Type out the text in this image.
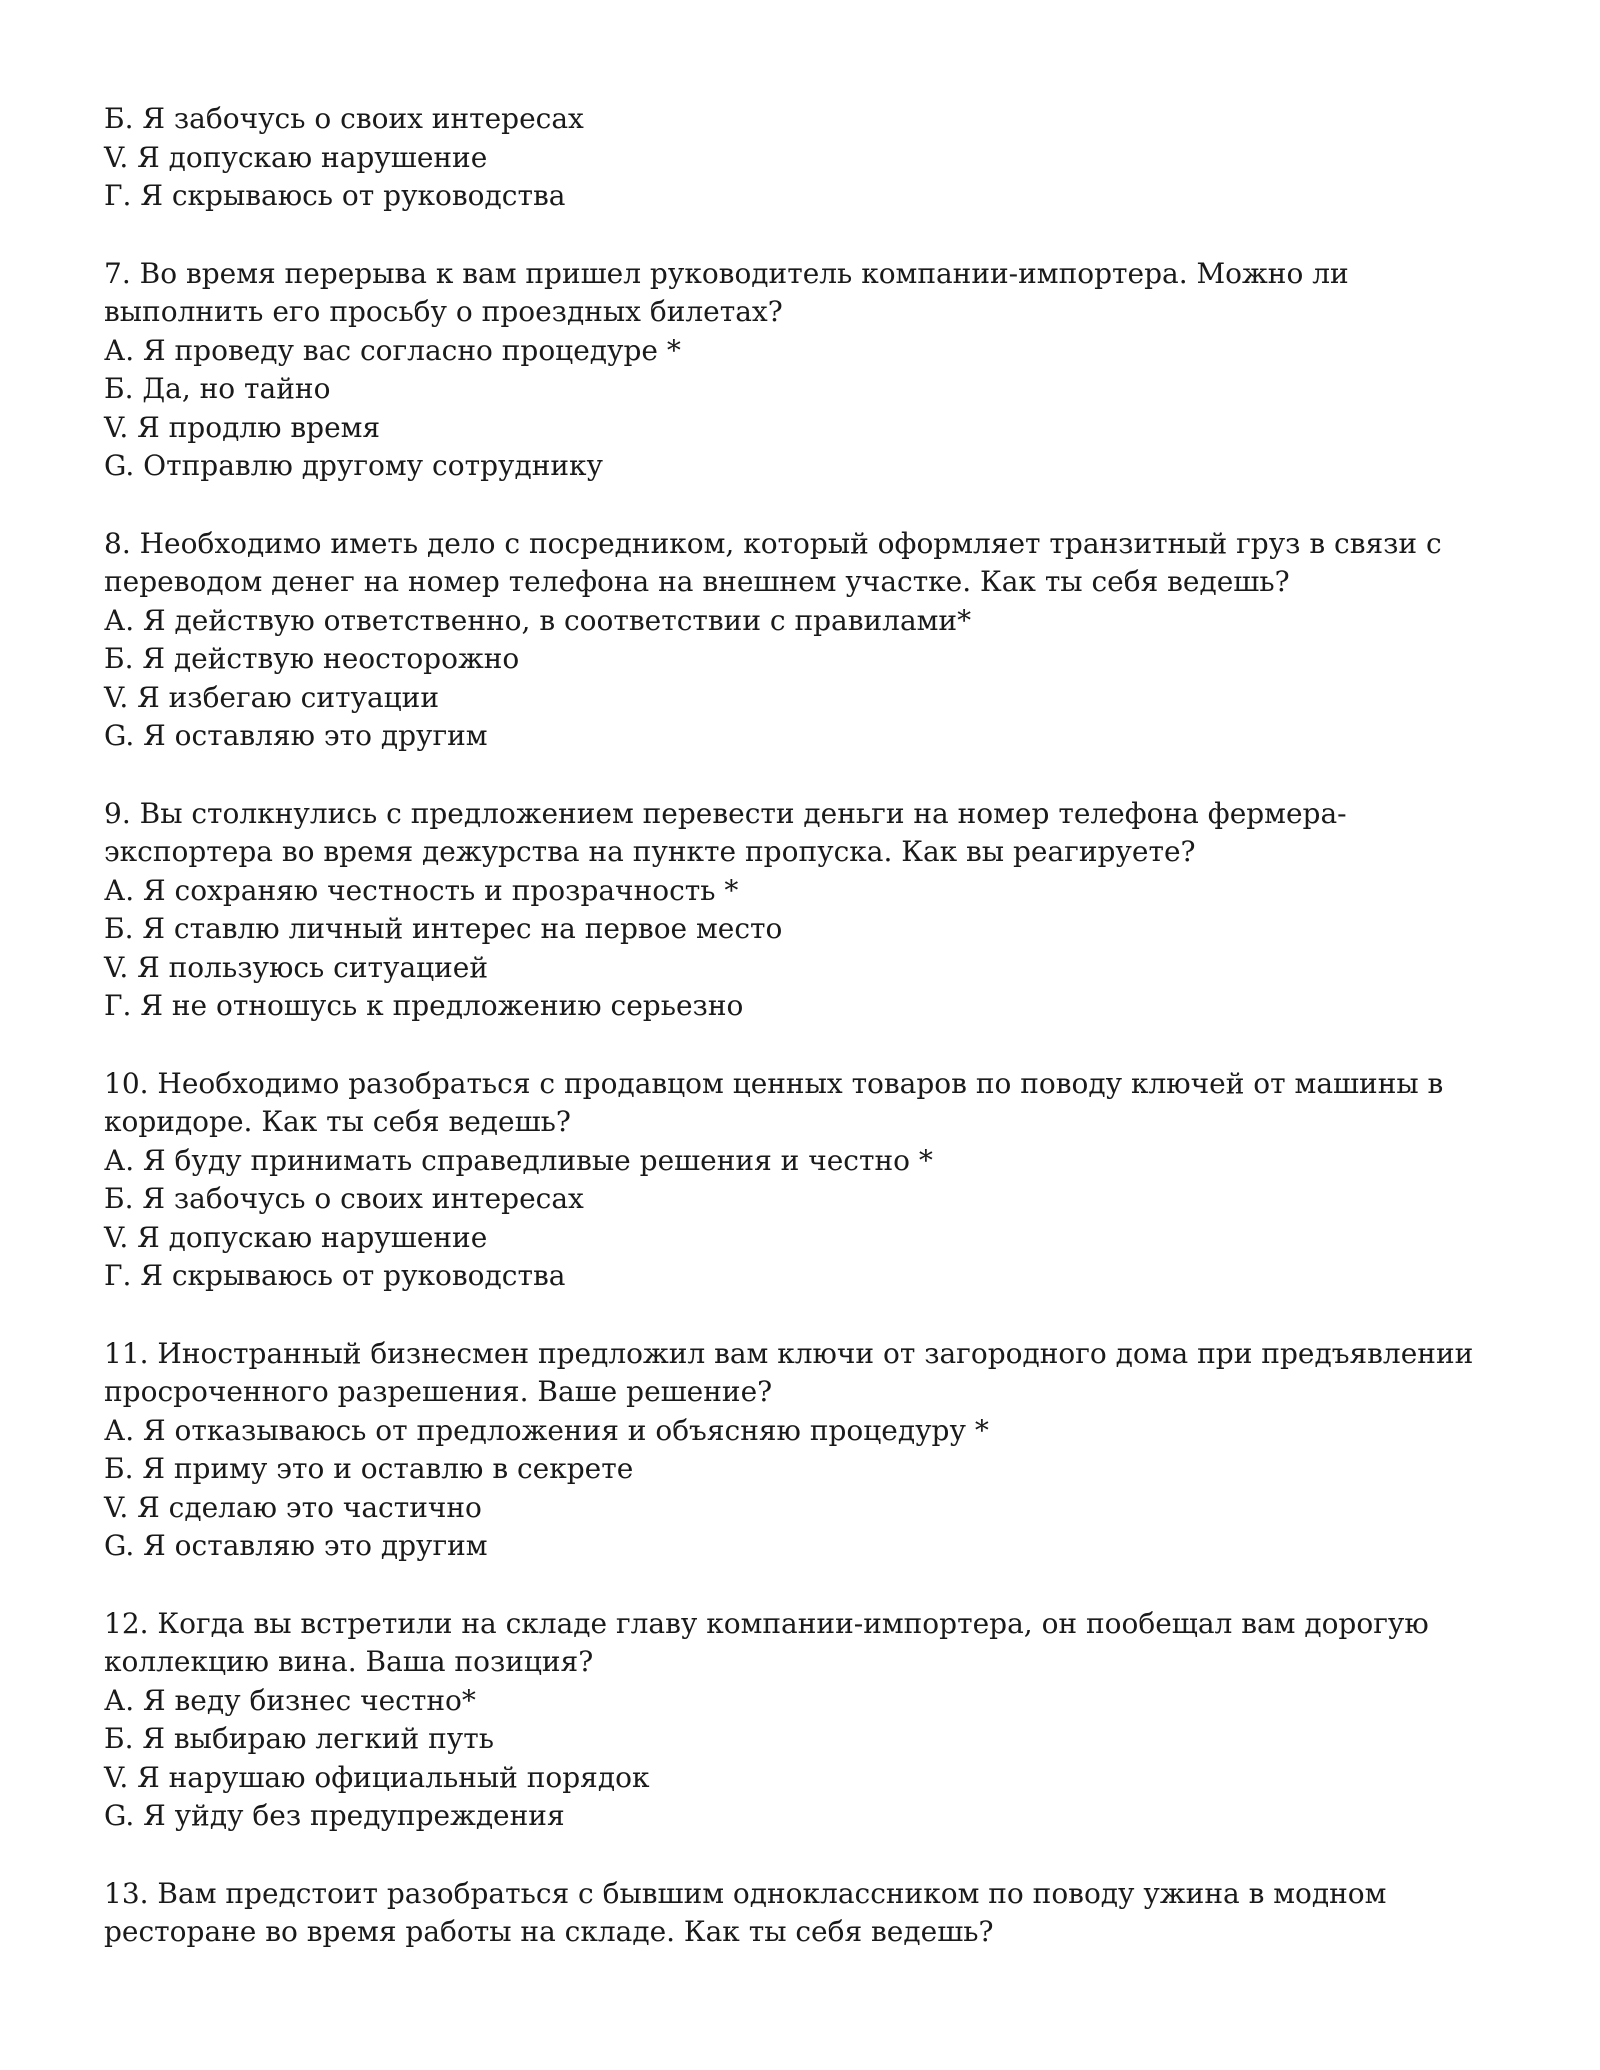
Б. Я забочусь о своих интересах
V. Я допускаю нарушение
Г. Я скрываюсь от руководства
7. Во время перерыва к вам пришел руководитель компании-импортера. Можно ли выполнить его просьбу о проездных билетах?
А. Я проведу вас согласно процедуре *
Б. Да, но тайно
V. Я продлю время
G. Отправлю другому сотруднику
8. Необходимо иметь дело с посредником, который оформляет транзитный груз в связи с переводом денег на номер телефона на внешнем участке. Как ты себя ведешь?
А. Я действую ответственно, в соответствии с правилами*
Б. Я действую неосторожно
V. Я избегаю ситуации
G. Я оставляю это другим
9. Вы столкнулись с предложением перевести деньги на номер телефона фермера-экспортера во время дежурства на пункте пропуска. Как вы реагируете?
А. Я сохраняю честность и прозрачность *
Б. Я ставлю личный интерес на первое место
V. Я пользуюсь ситуацией
Г. Я не отношусь к предложению серьезно
10. Необходимо разобраться с продавцом ценных товаров по поводу ключей от машины в коридоре. Как ты себя ведешь?
А. Я буду принимать справедливые решения и честно *
Б. Я забочусь о своих интересах
V. Я допускаю нарушение
Г. Я скрываюсь от руководства
11. Иностранный бизнесмен предложил вам ключи от загородного дома при предъявлении просроченного разрешения. Ваше решение?
А. Я отказываюсь от предложения и объясняю процедуру *
Б. Я приму это и оставлю в секрете
V. Я сделаю это частично
G. Я оставляю это другим
12. Когда вы встретили на складе главу компании-импортера, он пообещал вам дорогую коллекцию вина. Ваша позиция?
А. Я веду бизнес честно*
Б. Я выбираю легкий путь
V. Я нарушаю официальный порядок
G. Я уйду без предупреждения
13. Вам предстоит разобраться с бывшим одноклассником по поводу ужина в модном ресторане во время работы на складе. Как ты себя ведешь?
